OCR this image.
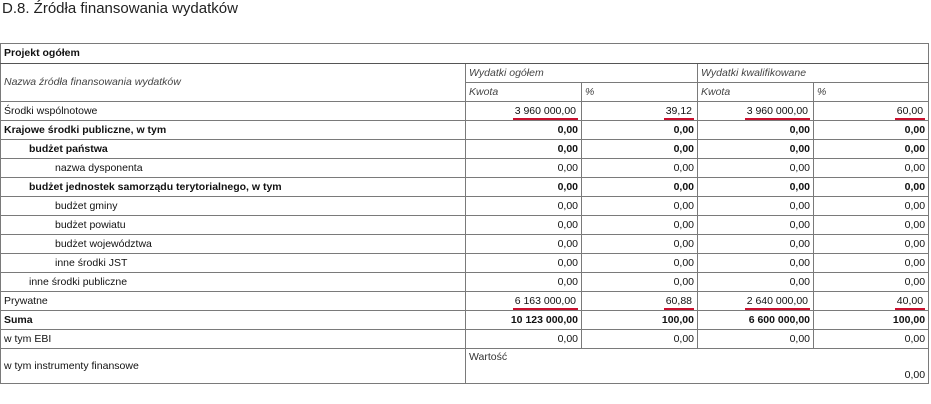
D.8. Źródła finansowania wydatków
Projekt ogółem				
Nazwa źródła finansowania wydatków	Wydatki ogółem		Wydatki kwalifikowane	
	Kwota	%	Kwota	%
Środki wspólnotowe	3 960 000,00	39,12	3 960 000,00	60,00
Krajowe środki publiczne, w tym	0,00	0,00	0,00	0,00
budżet państwa	0,00	0,00	0,00	0,00
nazwa dysponenta	0,00	0,00	0,00	0,00
budżet jednostek samorządu terytorialnego, w tym	0,00	0,00	0,00	0,00
budżet gminy	0,00	0,00	0,00	0,00
budżet powiatu	0,00	0,00	0,00	0,00
budżet województwa	0,00	0,00	0,00	0,00
inne środki JST	0,00	0,00	0,00	0,00
inne środki publiczne	0,00	0,00	0,00	0,00
Prywatne	6 163 000,00	60,88	2 640 000,00	40,00
Suma	10 123 000,00	100,00	6 600 000,00	100,00
w tym EBI	0,00	0,00	0,00	0,00
w tym instrumenty finansowe	Wartość
0,00			
